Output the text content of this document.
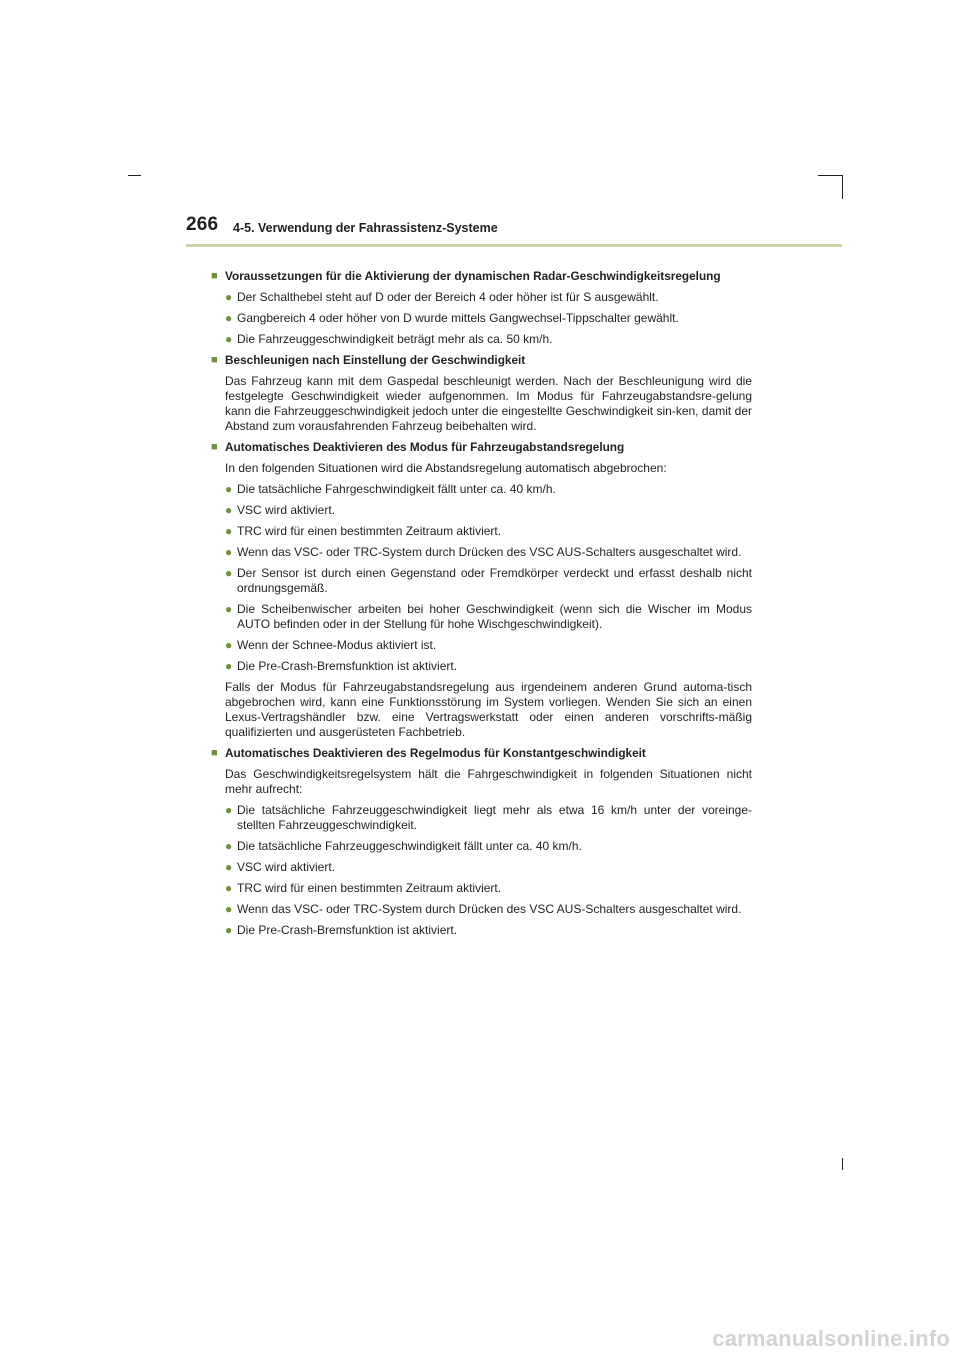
266 4-5. Verwendung der Fahrassistenz-Systeme
■ Voraussetzungen für die Aktivierung der dynamischen Radar-Geschwindigkeitsregelung
● Der Schalthebel steht auf D oder der Bereich 4 oder höher ist für S ausgewählt.
● Gangbereich 4 oder höher von D wurde mittels Gangwechsel-Tippschalter gewählt.
● Die Fahrzeuggeschwindigkeit beträgt mehr als ca. 50 km/h.
■ Beschleunigen nach Einstellung der Geschwindigkeit
Das Fahrzeug kann mit dem Gaspedal beschleunigt werden. Nach der Beschleunigung wird die festgelegte Geschwindigkeit wieder aufgenommen. Im Modus für Fahrzeugabstandsre-gelung kann die Fahrzeuggeschwindigkeit jedoch unter die eingestellte Geschwindigkeit sin-ken, damit der Abstand zum vorausfahrenden Fahrzeug beibehalten wird.
■ Automatisches Deaktivieren des Modus für Fahrzeugabstandsregelung
In den folgenden Situationen wird die Abstandsregelung automatisch abgebrochen:
● Die tatsächliche Fahrgeschwindigkeit fällt unter ca. 40 km/h.
● VSC wird aktiviert.
● TRC wird für einen bestimmten Zeitraum aktiviert.
● Wenn das VSC- oder TRC-System durch Drücken des VSC AUS-Schalters ausgeschaltet wird.
● Der Sensor ist durch einen Gegenstand oder Fremdkörper verdeckt und erfasst deshalb nicht ordnungsgemäß.
● Die Scheibenwischer arbeiten bei hoher Geschwindigkeit (wenn sich die Wischer im Modus AUTO befinden oder in der Stellung für hohe Wischgeschwindigkeit).
● Wenn der Schnee-Modus aktiviert ist.
● Die Pre-Crash-Bremsfunktion ist aktiviert.
Falls der Modus für Fahrzeugabstandsregelung aus irgendeinem anderen Grund automa-tisch abgebrochen wird, kann eine Funktionsstörung im System vorliegen. Wenden Sie sich an einen Lexus-Vertragshändler bzw. eine Vertragswerkstatt oder einen anderen vorschrifts-mäßig qualifizierten und ausgerüsteten Fachbetrieb.
■ Automatisches Deaktivieren des Regelmodus für Konstantgeschwindigkeit
Das Geschwindigkeitsregelsystem hält die Fahrgeschwindigkeit in folgenden Situationen nicht mehr aufrecht:
● Die tatsächliche Fahrzeuggeschwindigkeit liegt mehr als etwa 16 km/h unter der voreinge-stellten Fahrzeuggeschwindigkeit.
● Die tatsächliche Fahrzeuggeschwindigkeit fällt unter ca. 40 km/h.
● VSC wird aktiviert.
● TRC wird für einen bestimmten Zeitraum aktiviert.
● Wenn das VSC- oder TRC-System durch Drücken des VSC AUS-Schalters ausgeschaltet wird.
● Die Pre-Crash-Bremsfunktion ist aktiviert.
carmanualsonline.info
